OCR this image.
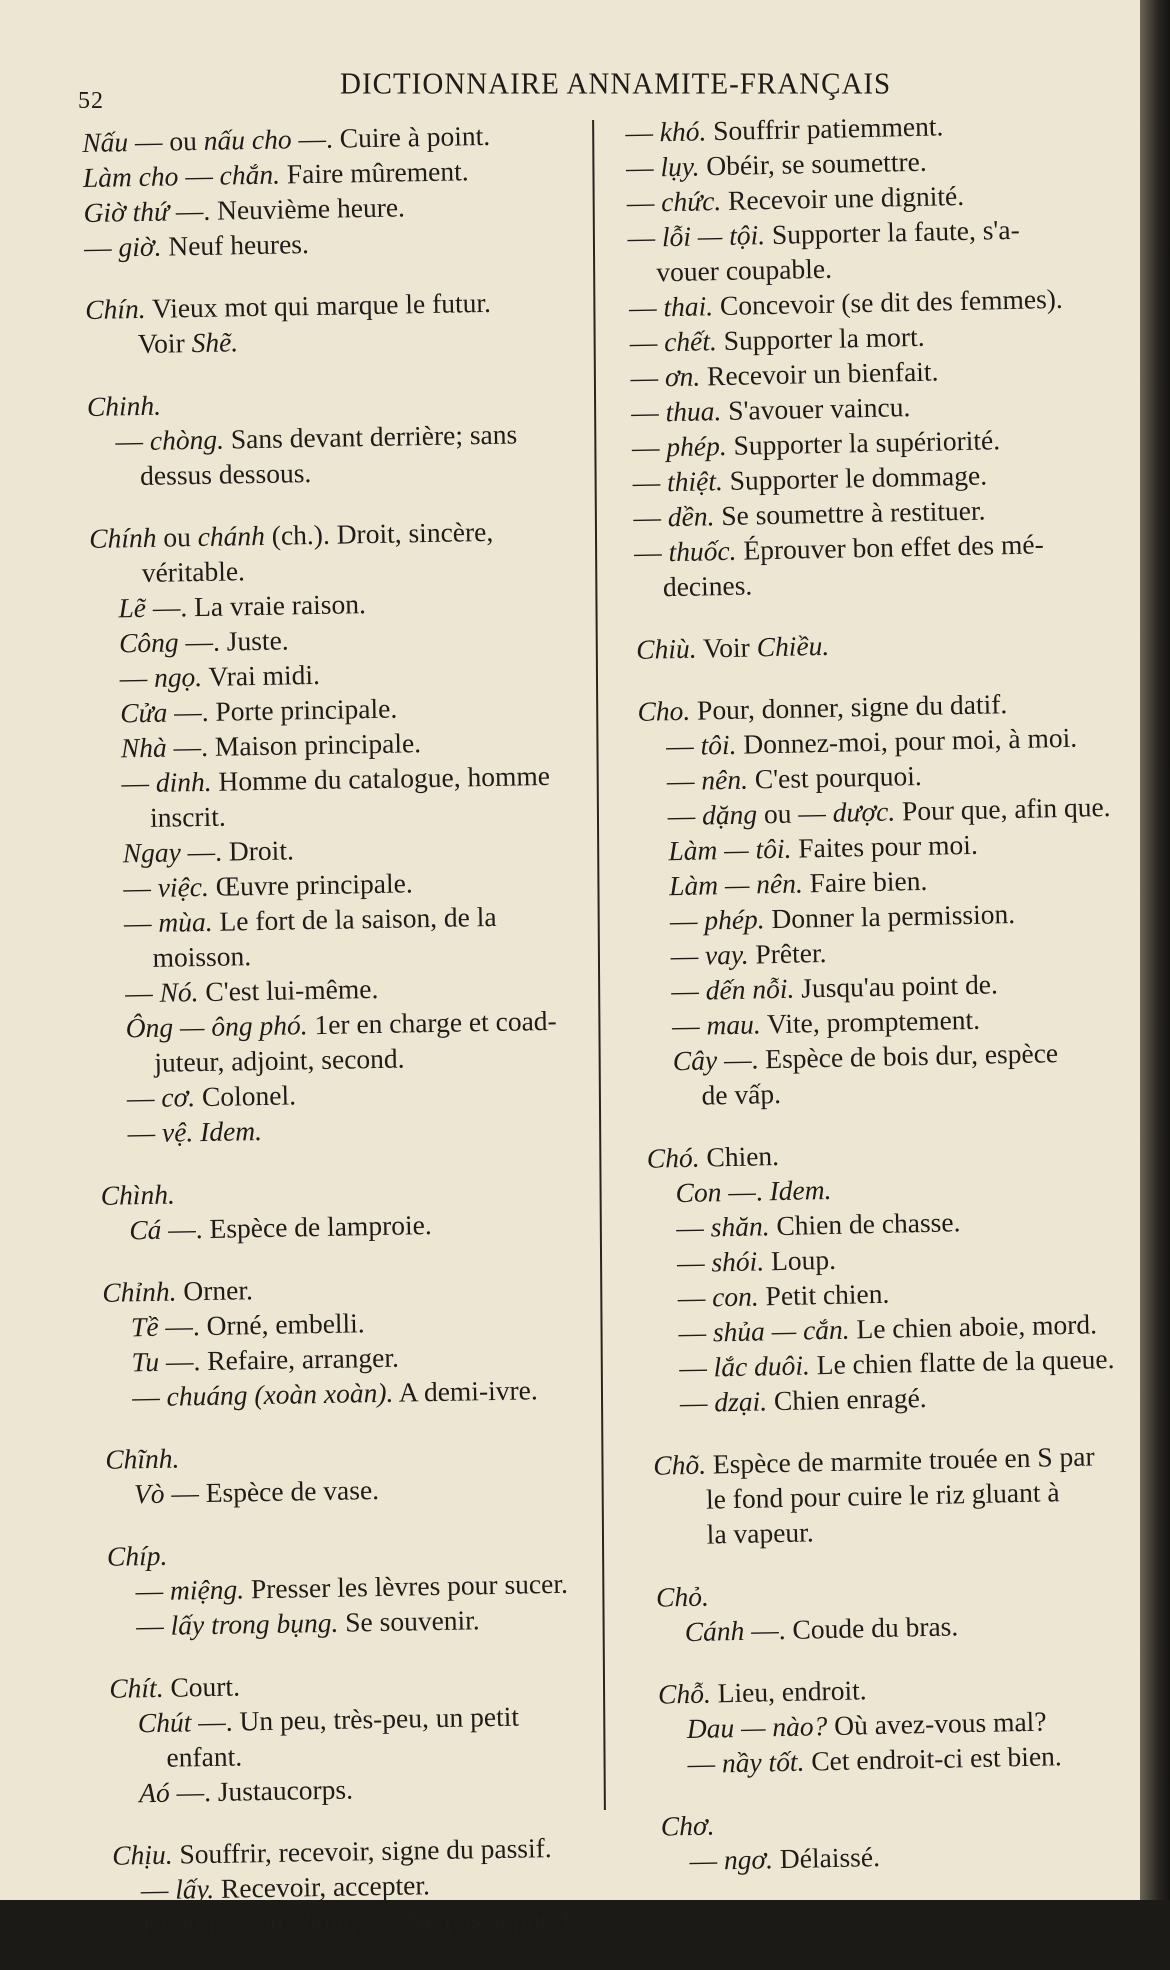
52
DICTIONNAIRE ANNAMITE-FRANÇAIS
Nấu — ou nấu cho —. Cuire à point.
Làm cho — chắn. Faire mûrement.
Giờ thứ —. Neuvième heure.
— giờ. Neuf heures.
Chín. Vieux mot qui marque le futur.
Voir Shẽ.
Chinh.
— chòng. Sans devant derrière; sans
dessus dessous.
Chính ou chánh (ch.). Droit, sincère,
véritable.
Lẽ —. La vraie raison.
Công —. Juste.
— ngọ. Vrai midi.
Cửa —. Porte principale.
Nhà —. Maison principale.
— dinh. Homme du catalogue, homme
inscrit.
Ngay —. Droit.
— việc. Œuvre principale.
— mùa. Le fort de la saison, de la
moisson.
— Nó. C'est lui-même.
Ông — ông phó. 1er en charge et coad-
juteur, adjoint, second.
— cơ. Colonel.
— vệ. Idem.
Chình.
Cá —. Espèce de lamproie.
Chỉnh. Orner.
Tề —. Orné, embelli.
Tu —. Refaire, arranger.
— chuáng (xoàn xoàn). A demi-ivre.
Chĩnh.
Vò — Espèce de vase.
Chíp.
— miệng. Presser les lèvres pour sucer.
— lấy trong bụng. Se souvenir.
Chít. Court.
Chút —. Un peu, très-peu, un petit
enfant.
Aó —. Justaucorps.
Chịu. Souffrir, recevoir, signe du passif.
— lấy. Recevoir, accepter.
Không — ou chẳng —. Ne pas supporter.
— khó. Souffrir patiemment.
— lụy. Obéir, se soumettre.
— chức. Recevoir une dignité.
— lỗi — tội. Supporter la faute, s'a-
vouer coupable.
— thai. Concevoir (se dit des femmes).
— chết. Supporter la mort.
— ơn. Recevoir un bienfait.
— thua. S'avouer vaincu.
— phép. Supporter la supériorité.
— thiệt. Supporter le dommage.
— dền. Se soumettre à restituer.
— thuốc. Éprouver bon effet des mé-
decines.
Chiù. Voir Chiều.
Cho. Pour, donner, signe du datif.
— tôi. Donnez-moi, pour moi, à moi.
— nên. C'est pourquoi.
— dặng ou — dược. Pour que, afin que.
Làm — tôi. Faites pour moi.
Làm — nên. Faire bien.
— phép. Donner la permission.
— vay. Prêter.
— dến nỗi. Jusqu'au point de.
— mau. Vite, promptement.
Cây —. Espèce de bois dur, espèce
de vấp.
Chó. Chien.
Con —. Idem.
— shăn. Chien de chasse.
— shói. Loup.
— con. Petit chien.
— shủa — cắn. Le chien aboie, mord.
— lắc duôi. Le chien flatte de la queue.
— dzại. Chien enragé.
Chõ. Espèce de marmite trouée en S par
le fond pour cuire le riz gluant à
la vapeur.
Chỏ.
Cánh —. Coude du bras.
Chỗ. Lieu, endroit.
Dau — nào? Où avez-vous mal?
— nầy tốt. Cet endroit-ci est bien.
Chơ.
— ngơ. Délaissé.
